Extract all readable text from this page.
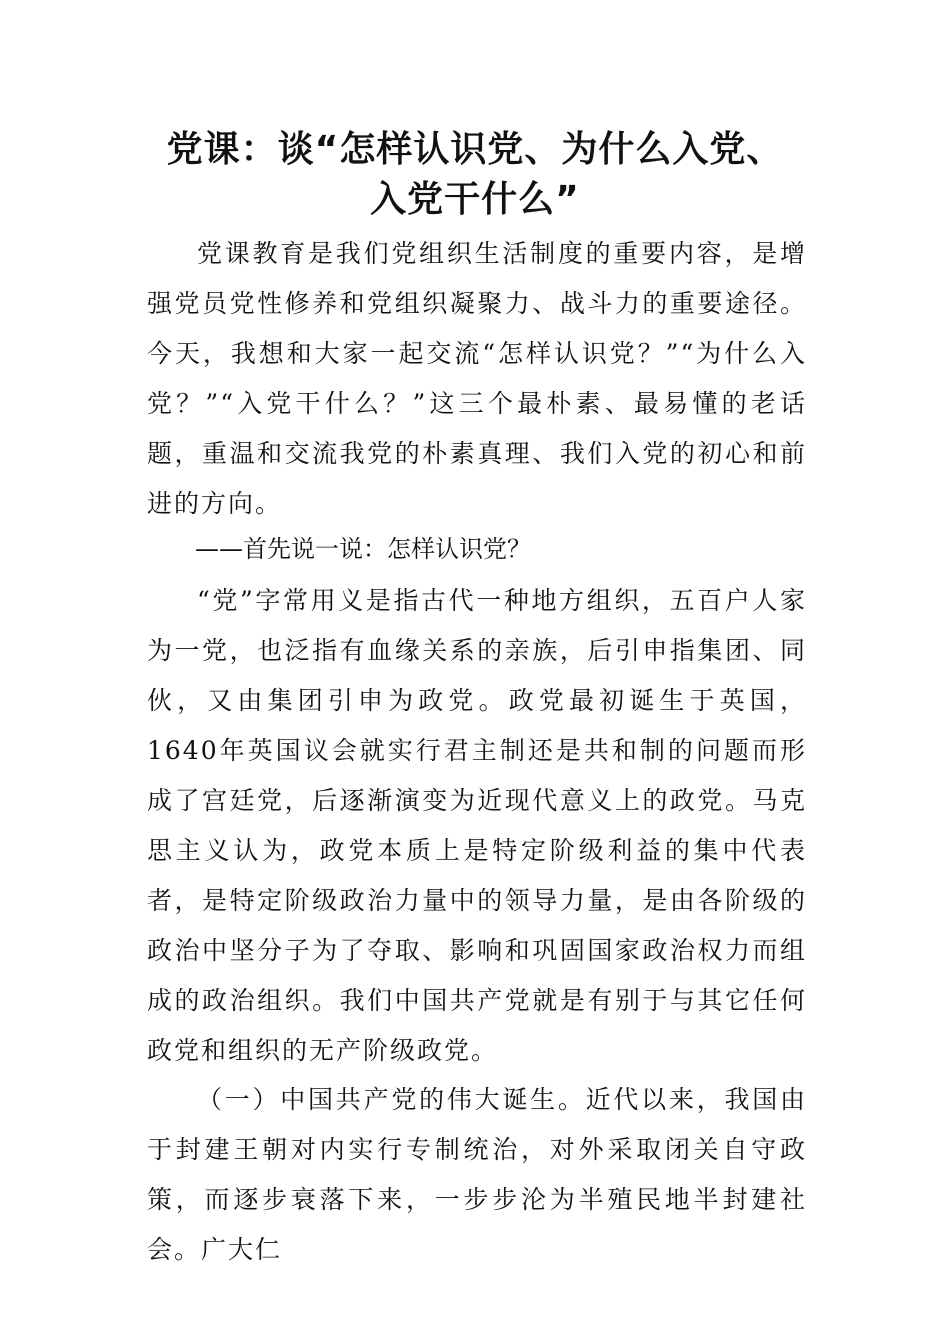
党课：谈“怎样认识党、为什么入党、
入党干什么”

党课教育是我们党组织生活制度的重要内容，是增强党员党性修养和党组织凝聚力、战斗力的重要途径。今天，我想和大家一起交流“怎样认识党？”“为什么入党？”“入党干什么？”这三个最朴素、最易懂的老话题，重温和交流我党的朴素真理、我们入党的初心和前进的方向。

——首先说一说：怎样认识党？

“党”字常用义是指古代一种地方组织，五百户人家为一党，也泛指有血缘关系的亲族，后引申指集团、同伙，又由集团引申为政党。政党最初诞生于英国，1640年英国议会就实行君主制还是共和制的问题而形成了宫廷党，后逐渐演变为近现代意义上的政党。马克思主义认为，政党本质上是特定阶级利益的集中代表者，是特定阶级政治力量中的领导力量，是由各阶级的政治中坚分子为了夺取、影响和巩固国家政治权力而组成的政治组织。我们中国共产党就是有别于与其它任何政党和组织的无产阶级政党。

（一）中国共产党的伟大诞生。近代以来，我国由于封建王朝对内实行专制统治，对外采取闭关自守政策，而逐步衰落下来，一步步沦为半殖民地半封建社会。广大仁
